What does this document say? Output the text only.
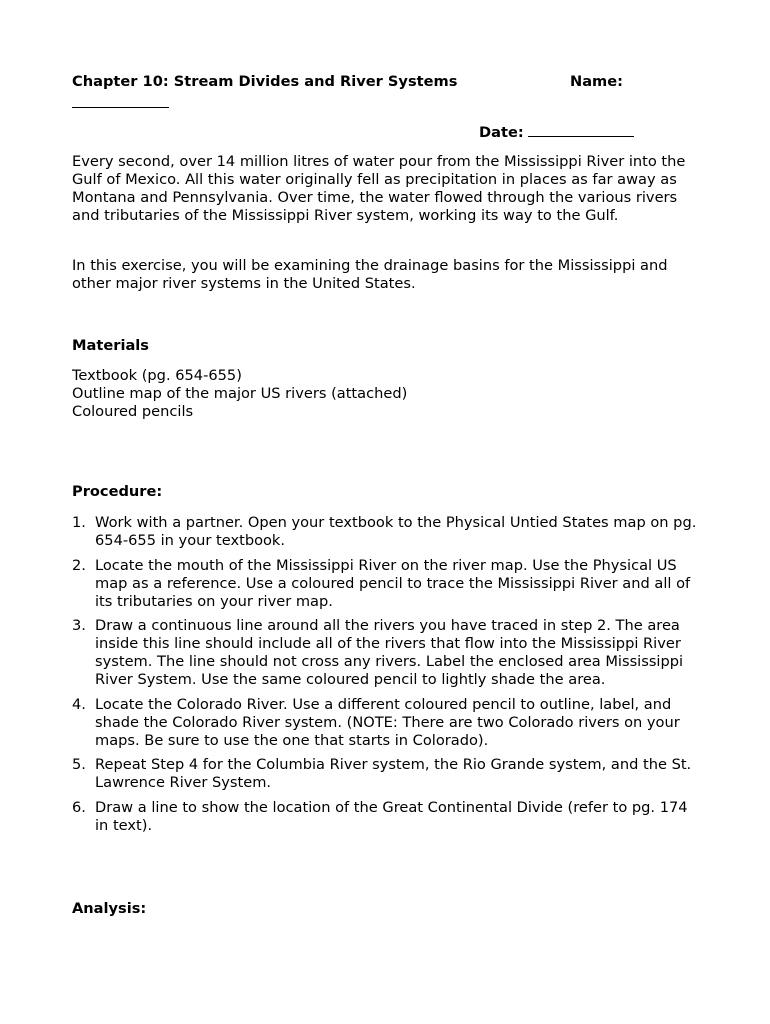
Chapter 10: Stream Divides and River Systems	Name:
Date:

Every second, over 14 million litres of water pour from the Mississippi River into the Gulf of Mexico. All this water originally fell as precipitation in places as far away as Montana and Pennsylvania. Over time, the water flowed through the various rivers and tributaries of the Mississippi River system, working its way to the Gulf.

In this exercise, you will be examining the drainage basins for the Mississippi and other major river systems in the United States.

Materials
Textbook (pg. 654-655)
Outline map of the major US rivers (attached)
Coloured pencils
Procedure:
1. Work with a partner. Open your textbook to the Physical Untied States map on pg. 654-655 in your textbook.
2. Locate the mouth of the Mississippi River on the river map. Use the Physical US map as a reference. Use a coloured pencil to trace the Mississippi River and all of its tributaries on your river map.
3. Draw a continuous line around all the rivers you have traced in step 2. The area inside this line should include all of the rivers that flow into the Mississippi River system. The line should not cross any rivers. Label the enclosed area Mississippi River System. Use the same coloured pencil to lightly shade the area.
4. Locate the Colorado River. Use a different coloured pencil to outline, label, and shade the Colorado River system. (NOTE: There are two Colorado rivers on your maps. Be sure to use the one that starts in Colorado).
5. Repeat Step 4 for the Columbia River system, the Rio Grande system, and the St. Lawrence River System.
6. Draw a line to show the location of the Great Continental Divide (refer to pg. 174 in text).
Analysis:
